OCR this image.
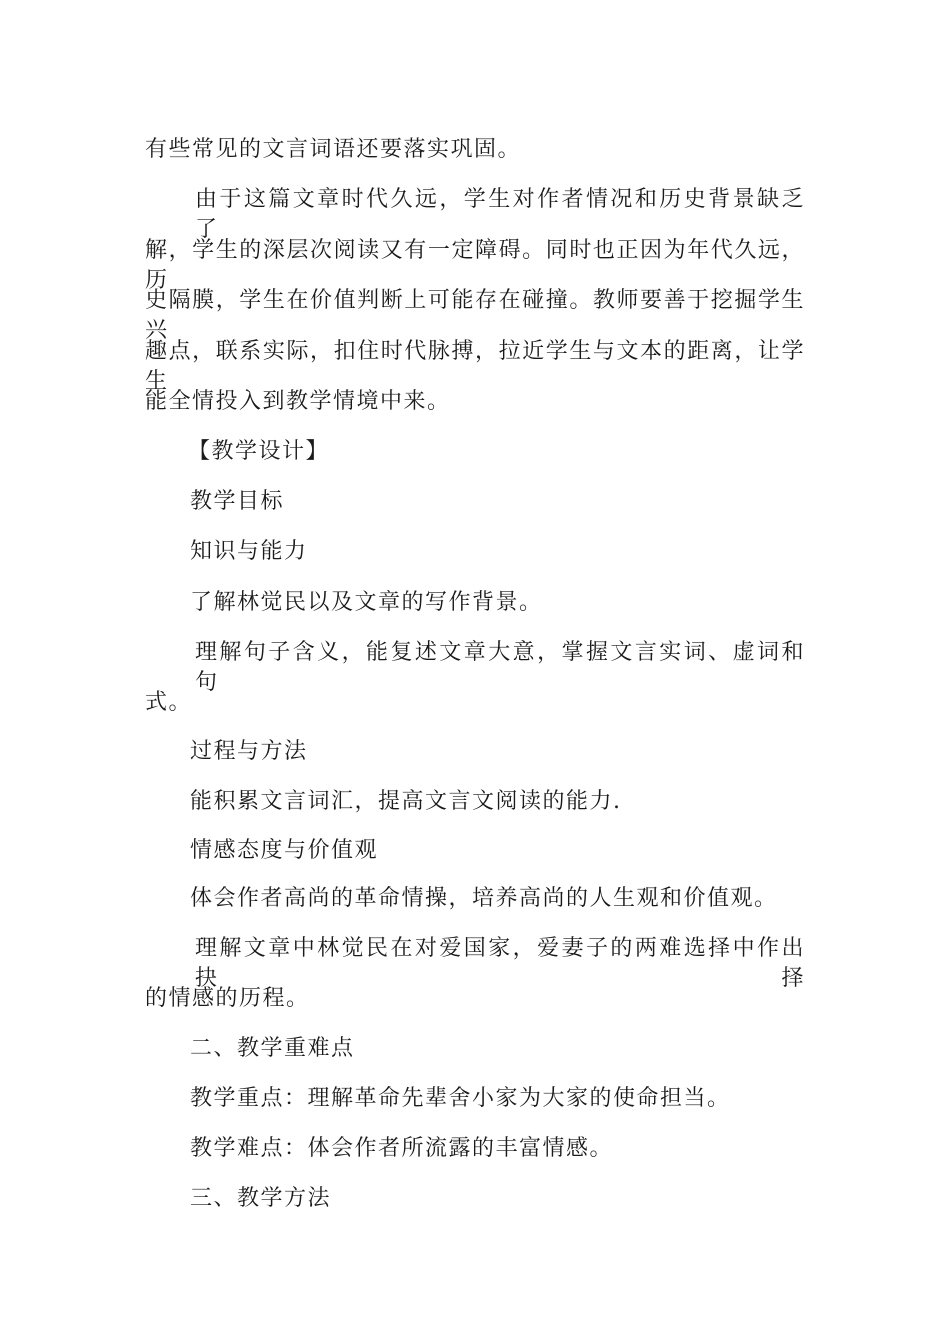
有些常见的文言词语还要落实巩固。
由于这篇文章时代久远，学生对作者情况和历史背景缺乏了
解，学生的深层次阅读又有一定障碍。同时也正因为年代久远，历
史隔膜，学生在价值判断上可能存在碰撞。教师要善于挖掘学生兴
趣点，联系实际，扣住时代脉搏，拉近学生与文本的距离，让学生
能全情投入到教学情境中来。
【教学设计】
教学目标
知识与能力
了解林觉民以及文章的写作背景。
理解句子含义，能复述文章大意，掌握文言实词、虚词和句
式。
过程与方法
能积累文言词汇，提高文言文阅读的能力.
情感态度与价值观
体会作者高尚的革命情操，培养高尚的人生观和价值观。
理解文章中林觉民在对爱国家，爱妻子的两难选择中作出抉择
的情感的历程。
二、教学重难点
教学重点：理解革命先辈舍小家为大家的使命担当。
教学难点：体会作者所流露的丰富情感。
三、教学方法
